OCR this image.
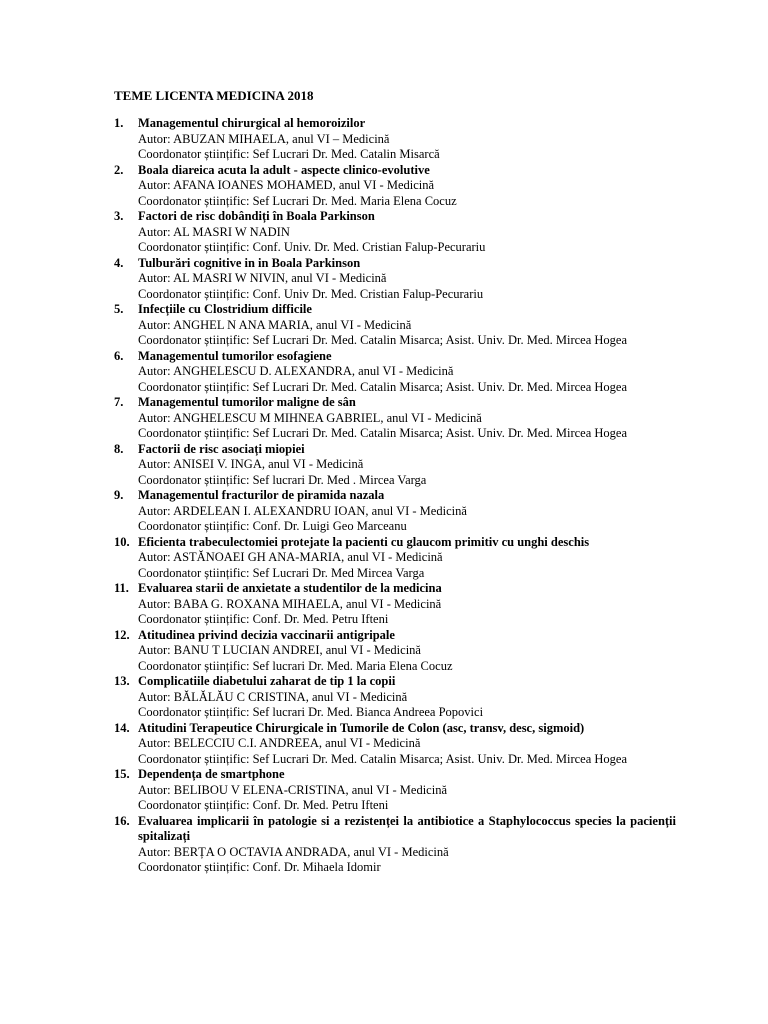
TEME LICENTA MEDICINA 2018
1. Managementul chirurgical al hemoroizilor
Autor: ABUZAN MIHAELA, anul VI – Medicină
Coordonator științific: Sef Lucrari Dr. Med. Catalin Misarcă
2. Boala diareica acuta la adult - aspecte clinico-evolutive
Autor: AFANA IOANES MOHAMED, anul VI - Medicină
Coordonator științific: Sef Lucrari Dr. Med. Maria Elena Cocuz
3. Factori de risc dobândiți în Boala Parkinson
Autor: AL MASRI W NADIN
Coordonator științific: Conf. Univ. Dr. Med. Cristian Falup-Pecurariu
4. Tulburări cognitive in in Boala Parkinson
Autor: AL MASRI W NIVIN, anul VI - Medicină
Coordonator științific: Conf. Univ Dr. Med. Cristian Falup-Pecurariu
5. Infecțiile cu Clostridium difficile
Autor: ANGHEL N ANA MARIA, anul VI - Medicină
Coordonator științific: Sef Lucrari Dr. Med. Catalin Misarca; Asist. Univ. Dr. Med. Mircea Hogea
6. Managementul tumorilor esofagiene
Autor: ANGHELESCU D. ALEXANDRA, anul VI - Medicină
Coordonator științific: Sef Lucrari Dr. Med. Catalin Misarca; Asist. Univ. Dr. Med. Mircea Hogea
7. Managementul tumorilor maligne de sân
Autor: ANGHELESCU M MIHNEA GABRIEL, anul VI - Medicină
Coordonator științific: Sef Lucrari Dr. Med. Catalin Misarca; Asist. Univ. Dr. Med. Mircea Hogea
8. Factorii de risc asociați miopiei
Autor: ANISEI V. INGA, anul VI - Medicină
Coordonator științific: Sef lucrari Dr. Med . Mircea Varga
9. Managementul fracturilor de piramida nazala
Autor: ARDELEAN I. ALEXANDRU IOAN, anul VI - Medicină
Coordonator științific: Conf. Dr. Luigi Geo Marceanu
10. Eficienta trabeculectomiei protejate la pacienti cu glaucom primitiv cu unghi deschis
Autor: ASTĂNOAEI GH ANA-MARIA, anul VI - Medicină
Coordonator științific: Sef Lucrari Dr. Med Mircea Varga
11. Evaluarea starii de anxietate a studentilor de la medicina
Autor: BABA G. ROXANA MIHAELA, anul VI - Medicină
Coordonator științific: Conf. Dr. Med. Petru Ifteni
12. Atitudinea privind decizia vaccinarii antigripale
Autor: BANU T LUCIAN ANDREI, anul VI - Medicină
Coordonator științific: Sef lucrari Dr. Med. Maria Elena Cocuz
13. Complicatiile diabetului zaharat de tip 1 la copii
Autor: BĂLĂLĂU C CRISTINA, anul VI - Medicină
Coordonator științific: Sef lucrari Dr. Med. Bianca Andreea Popovici
14. Atitudini Terapeutice Chirurgicale in Tumorile de Colon (asc, transv, desc, sigmoid)
Autor: BELECCIU C.I. ANDREEA, anul VI - Medicină
Coordonator științific: Sef Lucrari Dr. Med. Catalin Misarca; Asist. Univ. Dr. Med. Mircea Hogea
15. Dependența de smartphone
Autor: BELIBOU V ELENA-CRISTINA, anul VI - Medicină
Coordonator științific: Conf. Dr. Med. Petru Ifteni
16. Evaluarea implicarii în patologie si a rezistenței la antibiotice a Staphylococcus species la pacienții spitalizați
Autor: BERȚA O OCTAVIA ANDRADA, anul VI - Medicină
Coordonator științific: Conf. Dr. Mihaela Idomir
